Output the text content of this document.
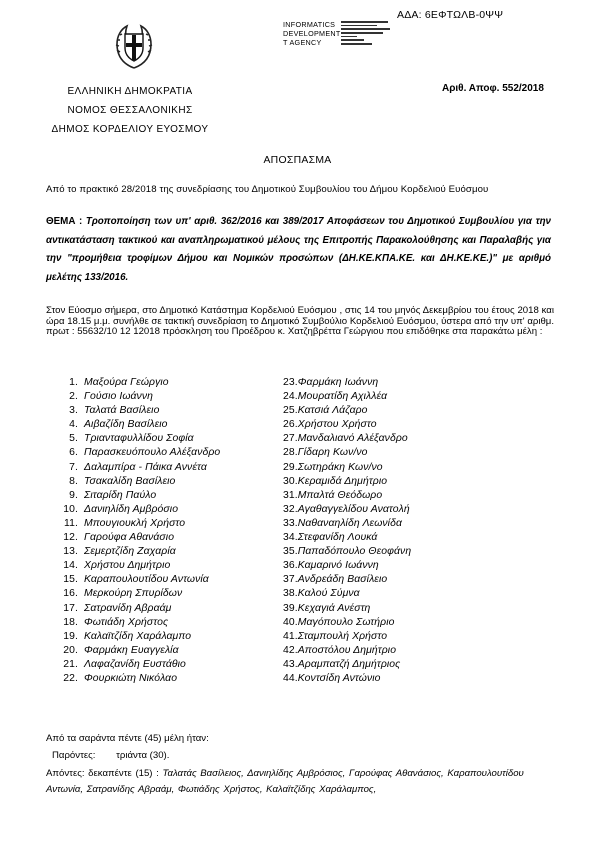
ΑΔΑ: 6ΕΦΤΩΛΒ-0ΨΨ
INFORMATICS
DEVELOPMENT
T AGENCY
ΕΛΛΗΝΙΚΗ ΔΗΜΟΚΡΑΤΙΑ
ΝΟΜΟΣ ΘΕΣΣΑΛΟΝΙΚΗΣ
ΔΗΜΟΣ ΚΟΡΔΕΛΙΟΥ ΕΥΟΣΜΟΥ
Αριθ. Αποφ. 552/2018
ΑΠΟΣΠΑΣΜΑ
Από το πρακτικό 28/2018 της συνεδρίασης του Δημοτικού Συμβουλίου του Δήμου Κορδελιού Ευόσμου
ΘΕΜΑ : Τροποποίηση των υπ' αριθ. 362/2016 και 389/2017 Αποφάσεων του Δημοτικού Συμβουλίου για την αντικατάσταση τακτικού και αναπληρωματικού μέλους της Επιτροπής Παρακολούθησης και Παραλαβής για την "προμήθεια τροφίμων Δήμου και Νομικών προσώπων (ΔΗ.ΚΕ.ΚΠΑ.ΚΕ. και ΔΗ.ΚΕ.ΚΕ.)" με αριθμό μελέτης 133/2016.
Στον Εύοσμο σήμερα, στο Δημοτικό Κατάστημα Κορδελιού Ευόσμου , στις 14 του μηνός Δεκεμβρίου του έτους 2018 και ώρα 18.15 μ.μ. συνήλθε σε τακτική συνεδρίαση το Δημοτικό Συμβούλιο Κορδελιού Ευόσμου, ύστερα από την υπ' αριθμ. πρωτ : 55632/10 12 12018 πρόσκληση του Προέδρου κ. Χατζηβρέττα Γεώργιου που επιδόθηκε στα παρακάτω μέλη :
1. Μαξούρα Γεώργιο
2. Γούσιο Ιωάννη
3. Ταλατά Βασίλειο
4. Αιβαζίδη Βασίλειο
5. Τριανταφυλλίδου Σοφία
6. Παρασκευόπουλο Αλέξανδρο
7. Δαλαμπίρα - Πάικα Αννέτα
8. Τσακαλίδη Βασίλειο
9. Σιταρίδη Παύλο
10. Δανιηλίδη Αμβρόσιο
11. Μπουγιουκλή Χρήστο
12. Γαρούφα Αθανάσιο
13. Σεμερτζίδη Ζαχαρία
14. Χρήστου Δημήτριο
15. Καραπουλουτίδου Αντωνία
16. Μερκούρη Σπυρίδων
17. Σατρανίδη Αβραάμ
18. Φωτιάδη Χρήστος
19. Καλαϊτζίδη Χαράλαμπο
20. Φαρμάκη Ευαγγελία
21. Λαφαζανίδη Ευστάθιο
22. Φουρκιώτη Νικόλαο
23.Φαρμάκη Ιωάννη
24.Μουρατίδη Αχιλλέα
25.Κατσιά Λάζαρο
26.Χρήστου Χρήστο
27.Μανδαλιανό Αλέξανδρο
28.Γίδαρη Κων/νο
29.Σωτηράκη Κων/νο
30.Κεραμιδά Δημήτριο
31.Μπαλτά Θεόδωρο
32.Αγαθαγγελίδου Ανατολή
33.Ναθαναηλίδη Λεωνίδα
34.Στεφανίδη Λουκά
35.Παπαδόπουλο Θεοφάνη
36.Καμαρινό Ιωάννη
37.Ανδρεάδη Βασίλειο
38.Καλού Σύμνα
39.Κεχαγιά Ανέστη
40.Μαγόπουλο Σωτήριο
41.Σταμπουλή Χρήστο
42.Αποστόλου Δημήτριο
43.Αραμπατζή Δημήτριος
44.Κοντσίδη Αντώνιο
Από τα σαράντα πέντε (45) μέλη ήταν:
Παρόντες: τριάντα (30).
Απόντες: δεκαπέντε (15) : Ταλατάς Βασίλειος, Δανιηλίδης Αμβρόσιος, Γαρούφας Αθανάσιος, Καραπουλουτίδου Αντωνία, Σατρανίδης Αβραάμ, Φωτιάδης Χρήστος, Καλαϊτζίδης Χαράλαμπος,
